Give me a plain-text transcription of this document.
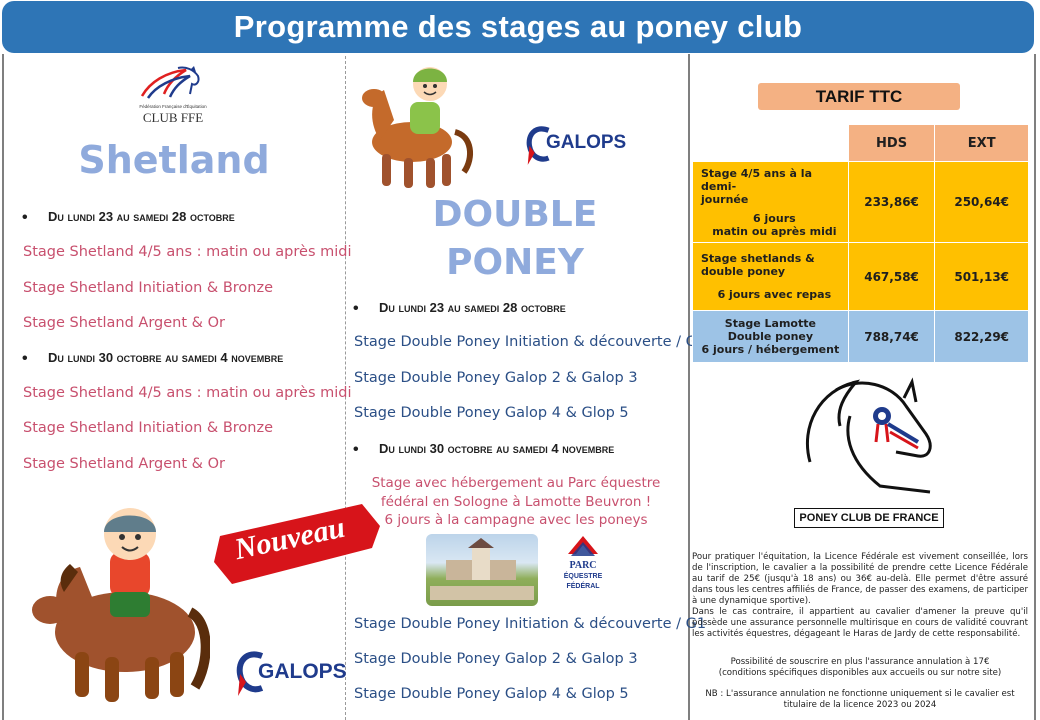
Programme des stages au poney club
Fédération Française d'Équitation
CLUB FFE
Shetland
• Du lundi 23 au samedi 28 octobre
Stage Shetland 4/5 ans : matin ou après midi
Stage Shetland Initiation & Bronze
Stage Shetland Argent & Or
• Du lundi 30 octobre au samedi 4 novembre
Stage Shetland 4/5 ans : matin ou après midi
Stage Shetland Initiation & Bronze
Stage Shetland Argent & Or
Nouveau
GALOPS
GALOPS
DOUBLE
PONEY
• Du lundi 23 au samedi 28 octobre
Stage Double Poney Initiation & découverte / G1
Stage Double Poney Galop 2 & Galop 3
Stage Double Poney Galop 4 & Glop 5
• Du lundi 30 octobre au samedi 4 novembre
Stage avec hébergement au Parc équestre
fédéral en Sologne à Lamotte Beuvron !
6 jours à la campagne avec les poneys
PARC
ÉQUESTRE
FÉDÉRAL
Stage Double Poney Initiation & découverte / G1
Stage Double Poney Galop 2 & Galop 3
Stage Double Poney Galop 4 & Glop 5
TARIF TTC
	HDS	EXT

Stage 4/5 ans à la demi-
journée
6 jours
matin ou après midi	233,86€	250,64€

Stage shetlands &
double poney
6 jours avec repas	467,58€	501,13€

Stage Lamotte
Double poney
6 jours / hébergement	788,74€	822,29€
PONEY CLUB DE FRANCE
Pour pratiquer l'équitation, la Licence Fédérale est vivement conseillée, lors de l'inscription, le cavalier a la possibilité de prendre cette Licence Fédérale au tarif de 25€ (jusqu'à 18 ans) ou 36€ au-delà. Elle permet d'être assuré dans tous les centres affiliés de France, de passer des examens, de participer à une dynamique sportive).
Dans le cas contraire, il appartient au cavalier d'amener la preuve qu'il possède une assurance personnelle multirisque en cours de validité couvrant les activités équestres, dégageant le Haras de Jardy de cette responsabilité.
Possibilité de souscrire en plus l'assurance annulation à 17€
(conditions spécifiques disponibles aux accueils ou sur notre site)
NB : L'assurance annulation ne fonctionne uniquement si le cavalier est
titulaire de la licence 2023 ou 2024
